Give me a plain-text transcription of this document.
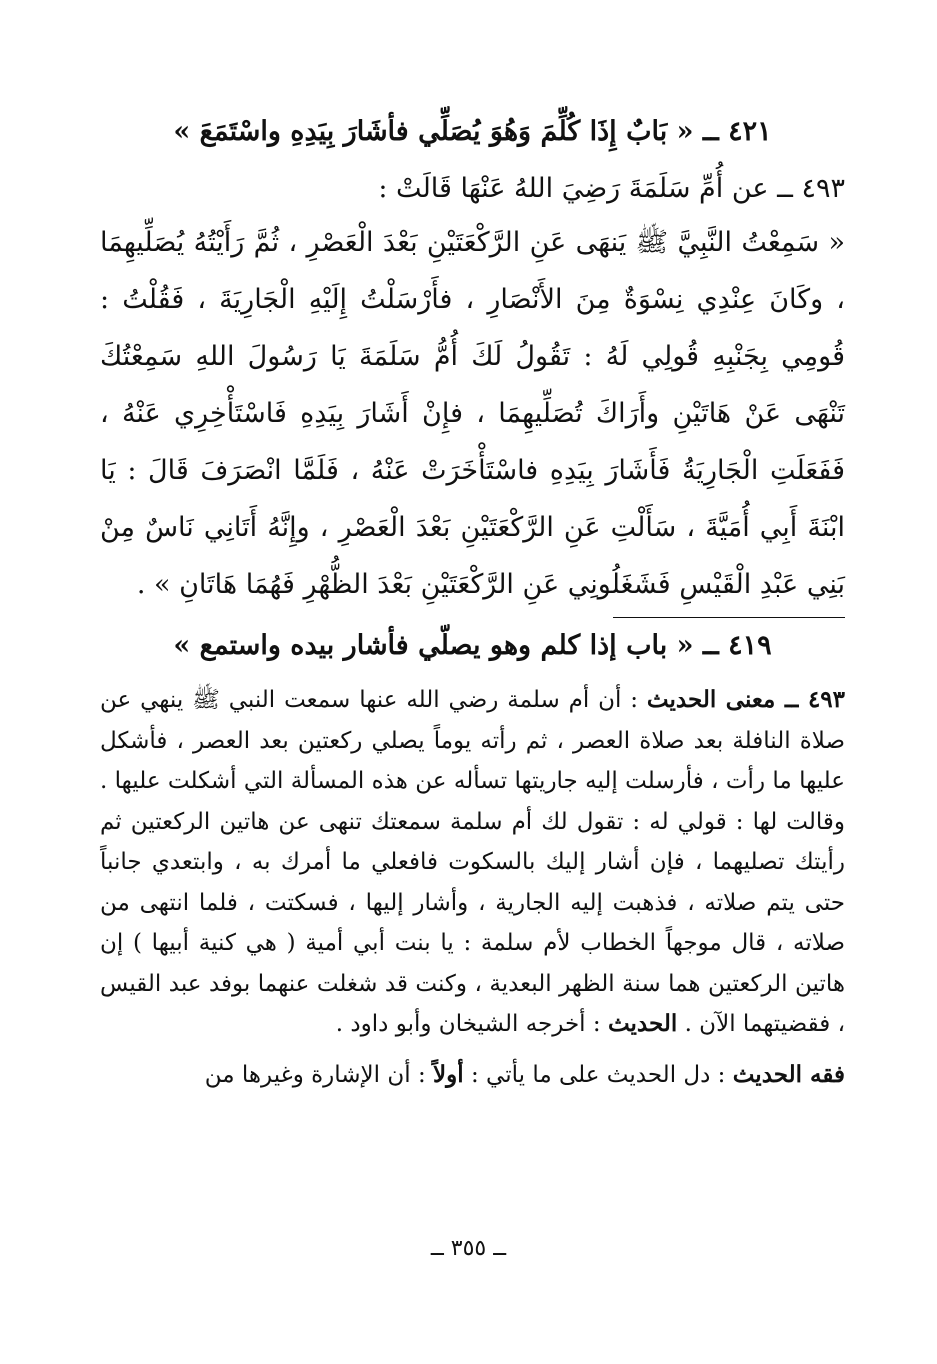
٤٢١ ــ « بَابٌ إِذَا كُلِّمَ وَهُوَ يُصَلِّي فأشَارَ بِيَدِهِ واسْتَمَعَ »
٤٩٣ ــ عن أُمِّ سَلَمَةَ رَضِيَ اللهُ عَنْهَا قَالَتْ :
« سَمِعْتُ النَّبِيَّ ﷺ يَنهَى عَنِ الرَّكْعَتَيْنِ بَعْدَ الْعَصْرِ ، ثُمَّ رَأَيْتُهُ يُصَلِّيهِمَا ، وكَانَ عِنْدِي نِسْوَةٌ مِنَ الأَنْصَارِ ، فأَرْسَلْتُ إِلَيْهِ الْجَارِيَةَ ، فَقُلْتُ : قُومِي بِجَنْبِهِ قُولِي لَهُ : تَقُولُ لَكَ أُمُّ سَلَمَةَ يَا رَسُولَ اللهِ سَمِعْتُكَ تَنْهَى عَنْ هَاتَيْنِ وأَرَاكَ تُصَلِّيهِمَا ، فإِنْ أَشَارَ بِيَدِهِ فَاسْتَأْخِرِي عَنْهُ ، فَفَعَلَتِ الْجَارِيَةُ فَأَشَارَ بِيَدِهِ فاسْتَأْخَرَتْ عَنْهُ ، فَلَمَّا انْصَرَفَ قَالَ : يَا ابْنَةَ أَبِي أُمَيَّةَ ، سَأَلْتِ عَنِ الرَّكْعَتَيْنِ بَعْدَ الْعَصْرِ ، وإِنَّهُ أَتَانِي نَاسٌ مِنْ بَنِي عَبْدِ الْقَيْسِ فَشَغَلُونِي عَنِ الرَّكْعَتَيْنِ بَعْدَ الظُّهْرِ فَهُمَا هَاتَانِ » .
٤١٩ ــ « باب إذا كلم وهو يصلّي فأشار بيده واستمع »
٤٩٣ ــ معنى الحديث : أن أم سلمة رضي الله عنها سمعت النبي ﷺ ينهي عن صلاة النافلة بعد صلاة العصر ، ثم رأته يوماً يصلي ركعتين بعد العصر ، فأشكل عليها ما رأت ، فأرسلت إليه جاريتها تسأله عن هذه المسألة التي أشكلت عليها . وقالت لها : قولي له : تقول لك أم سلمة سمعتك تنهى عن هاتين الركعتين ثم رأيتك تصليهما ، فإن أشار إليك بالسكوت فافعلي ما أمرك به ، وابتعدي جانباً حتى يتم صلاته ، فذهبت إليه الجارية ، وأشار إليها ، فسكتت ، فلما انتهى من صلاته ، قال موجهاً الخطاب لأم سلمة : يا بنت أبي أمية ( هي كنية أبيها ) إن هاتين الركعتين هما سنة الظهر البعدية ، وكنت قد شغلت عنهما بوفد عبد القيس ، فقضيتهما الآن . الحديث : أخرجه الشيخان وأبو داود .
فقه الحديث : دل الحديث على ما يأتي : أولاً : أن الإشارة وغيرها من
ــ ٣٥٥ ــ
